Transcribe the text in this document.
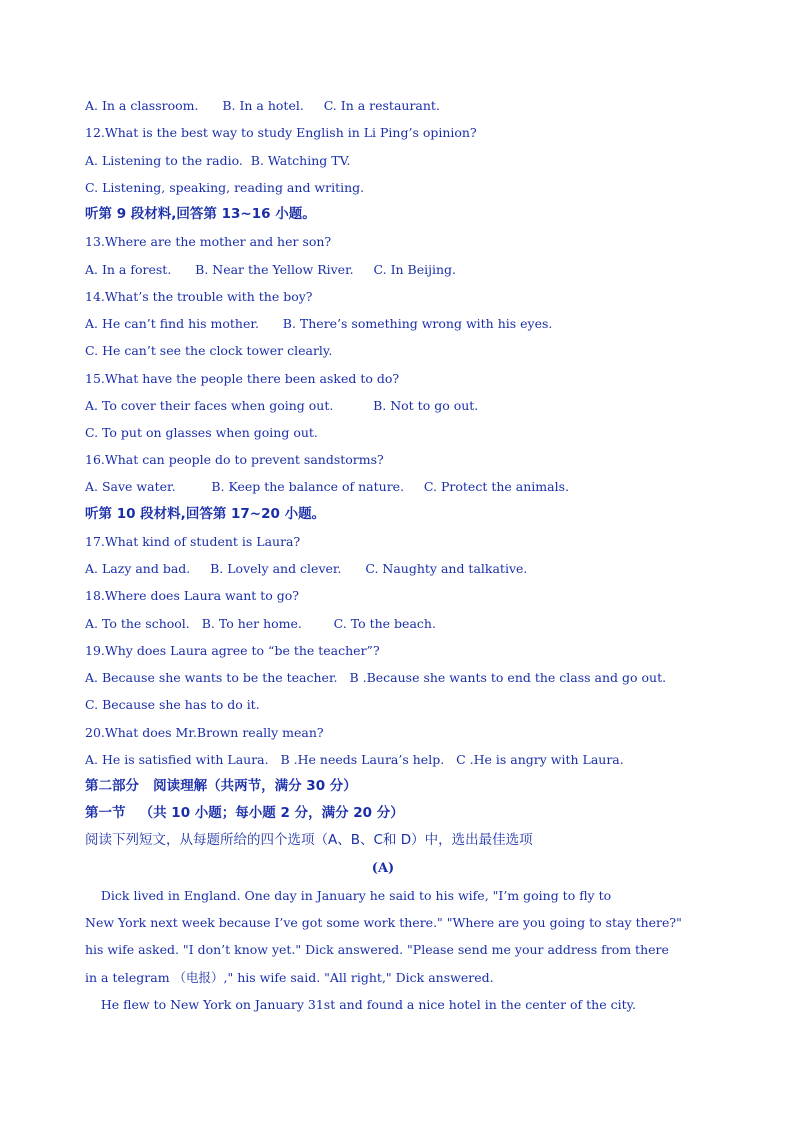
A. In a classroom.      B. In a hotel.     C. In a restaurant.
12.What is the best way to study English in Li Ping’s opinion?
A. Listening to the radio.  B. Watching TV.
C. Listening, speaking, reading and writing.
听第 9 段材料,回答第 13~16 小题。
13.Where are the mother and her son?
A. In a forest.      B. Near the Yellow River.     C. In Beijing.
14.What’s the trouble with the boy?
A. He can’t find his mother.      B. There’s something wrong with his eyes.
C. He can’t see the clock tower clearly.
15.What have the people there been asked to do?
A. To cover their faces when going out.          B. Not to go out.
C. To put on glasses when going out.
16.What can people do to prevent sandstorms?
A. Save water.         B. Keep the balance of nature.     C. Protect the animals.
听第 10 段材料,回答第 17~20 小题。
17.What kind of student is Laura?
A. Lazy and bad.     B. Lovely and clever.      C. Naughty and talkative.
18.Where does Laura want to go?
A. To the school.   B. To her home.        C. To the beach.
19.Why does Laura agree to “be the teacher”?
A. Because she wants to be the teacher.   B .Because she wants to end the class and go out.
C. Because she has to do it.
20.What does Mr.Brown really mean?
A. He is satisfied with Laura.   B .He needs Laura’s help.   C .He is angry with Laura.
第二部分   阅读理解（共两节，满分 30 分）
第一节   （共 10 小题；每小题 2 分，满分 20 分）
阅读下列短文，从每题所给的四个选项（A、B、C和 D）中，选出最佳选项
(A)
Dick lived in England. One day in January he said to his wife, "I’m going to fly to
New York next week because I’ve got some work there." "Where are you going to stay there?"
his wife asked. "I don’t know yet." Dick answered. "Please send me your address from there
in a telegram （电报）," his wife said. "All right," Dick answered.
He flew to New York on January 31st and found a nice hotel in the center of the city.
